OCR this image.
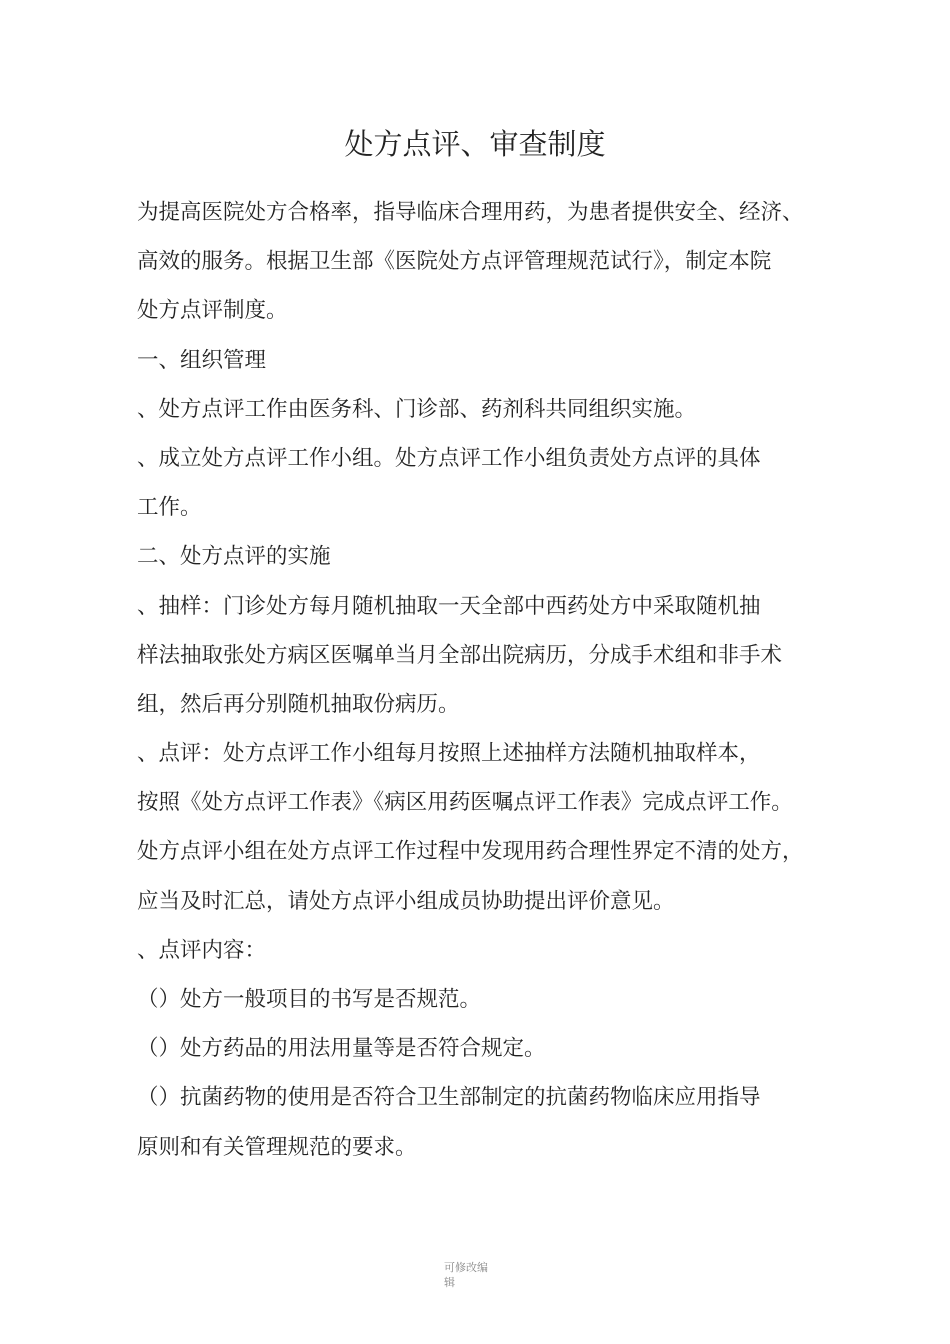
处方点评、审查制度
为提高医院处方合格率，指导临床合理用药，为患者提供安全、经济、
高效的服务。根据卫生部《医院处方点评管理规范试行》，制定本院
处方点评制度。
一、组织管理
、处方点评工作由医务科、门诊部、药剂科共同组织实施。
、成立处方点评工作小组。处方点评工作小组负责处方点评的具体
工作。
二、处方点评的实施
、抽样：门诊处方每月随机抽取一天全部中西药处方中采取随机抽
样法抽取张处方病区医嘱单当月全部出院病历，分成手术组和非手术
组，然后再分别随机抽取份病历。
、点评：处方点评工作小组每月按照上述抽样方法随机抽取样本，
按照《处方点评工作表》《病区用药医嘱点评工作表》完成点评工作。
处方点评小组在处方点评工作过程中发现用药合理性界定不清的处方，
应当及时汇总，请处方点评小组成员协助提出评价意见。
、点评内容：
（）处方一般项目的书写是否规范。
（）处方药品的用法用量等是否符合规定。
（）抗菌药物的使用是否符合卫生部制定的抗菌药物临床应用指导
原则和有关管理规范的要求。
可修改编
辑
